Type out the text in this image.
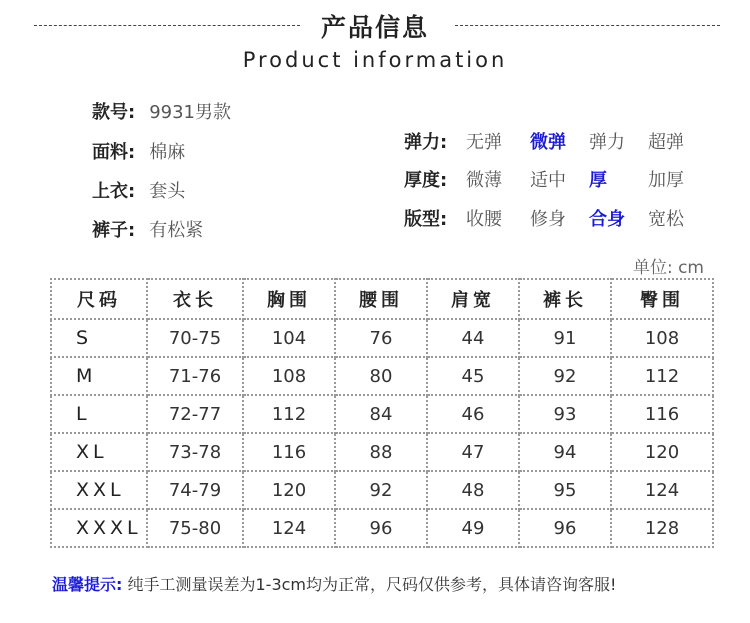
产品信息
Product information
款号: 9931男款
面料: 棉麻
上衣: 套头
裤子: 有松紧
弹力: 无弹 微弹 弹力 超弹
厚度: 微薄 适中 厚 加厚
版型: 收腰 修身 合身 宽松
单位: cm
尺码	衣长	胸围	腰围	肩宽	裤长	臀围
S	70-75	104	76	44	91	108
M	71-76	108	80	45	92	112
L	72-77	112	84	46	93	116
XL	73-78	116	88	47	94	120
XXL	74-79	120	92	48	95	124
XXXL	75-80	124	96	49	96	128
温馨提示: 纯手工测量误差为1-3cm均为正常，尺码仅供参考，具体请咨询客服!
